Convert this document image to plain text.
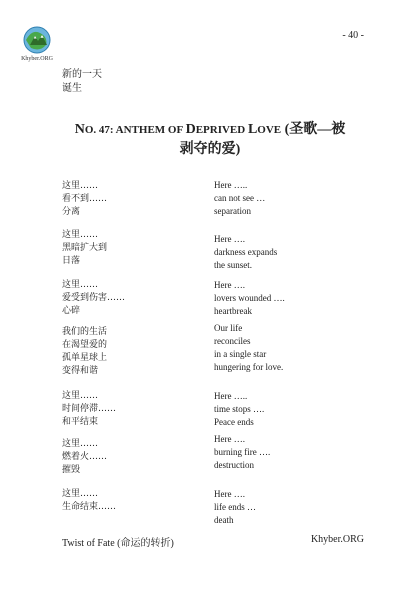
Khyber.ORG
- 40 -
新的一天
诞生
NO. 47: ANTHEM OF DEPRIVED LOVE (圣歌—被
剥夺的爱)
这里……
看不到……
分离
Here …..
can not see …
separation
这里……
黑暗扩大到
日落
Here ….
darkness expands
the sunset.
这里……
爱受到伤害……
心碎
Here ….
lovers wounded ….
heartbreak
我们的生活
在渴望爱的
孤单星球上
变得和谐
Our life
reconciles
in a single star
hungering for love.
这里……
时间停滞……
和平结束
Here …..
time stops ….
Peace ends
这里……
燃着火……
摧毁
Here ….
burning fire ….
destruction
这里……
生命结束……
Here ….
life ends …
death
Twist of Fate (命运的转折)	Khyber.ORG
